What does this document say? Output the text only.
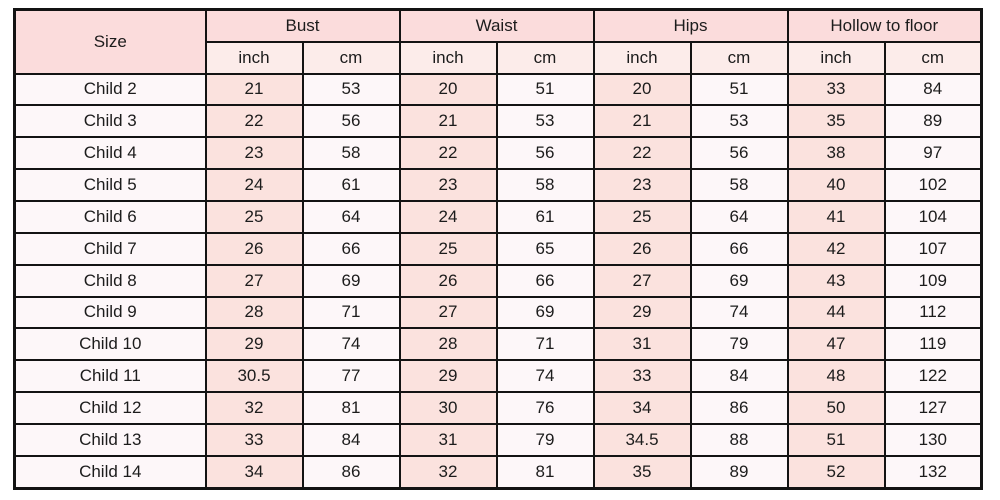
Size	Bust		Waist		Hips		Hollow to floor	
	inch	cm	inch	cm	inch	cm	inch	cm
Child 2	21	53	20	51	20	51	33	84
Child 3	22	56	21	53	21	53	35	89
Child 4	23	58	22	56	22	56	38	97
Child 5	24	61	23	58	23	58	40	102
Child 6	25	64	24	61	25	64	41	104
Child 7	26	66	25	65	26	66	42	107
Child 8	27	69	26	66	27	69	43	109
Child 9	28	71	27	69	29	74	44	112
Child 10	29	74	28	71	31	79	47	119
Child 11	30.5	77	29	74	33	84	48	122
Child 12	32	81	30	76	34	86	50	127
Child 13	33	84	31	79	34.5	88	51	130
Child 14	34	86	32	81	35	89	52	132
